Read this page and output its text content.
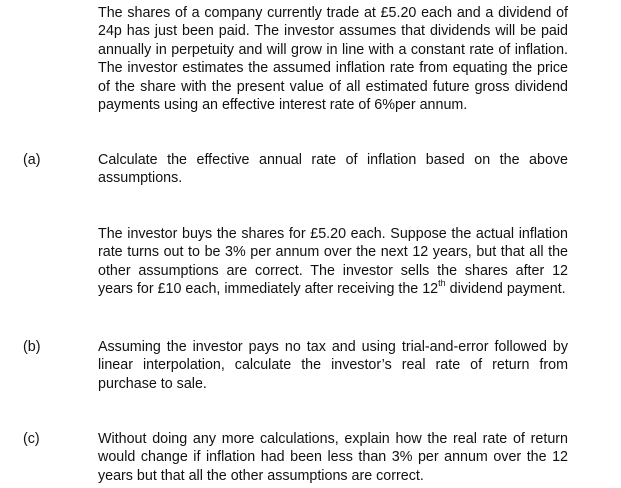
The shares of a company currently trade at £5.20 each and a dividend of 24p has just been paid. The investor assumes that dividends will be paid annually in perpetuity and will grow in line with a constant rate of inflation. The investor estimates the assumed inflation rate from equating the price of the share with the present value of all estimated future gross dividend payments using an effective interest rate of 6%per annum.

(a)	Calculate the effective annual rate of inflation based on the above assumptions.

The investor buys the shares for £5.20 each. Suppose the actual inflation rate turns out to be 3% per annum over the next 12 years, but that all the other assumptions are correct. The investor sells the shares after 12 years for £10 each, immediately after receiving the 12th dividend payment.

(b)	Assuming the investor pays no tax and using trial-and-error followed by linear interpolation, calculate the investor’s real rate of return from purchase to sale.

(c)	Without doing any more calculations, explain how the real rate of return would change if inflation had been less than 3% per annum over the 12 years but that all the other assumptions are correct.
